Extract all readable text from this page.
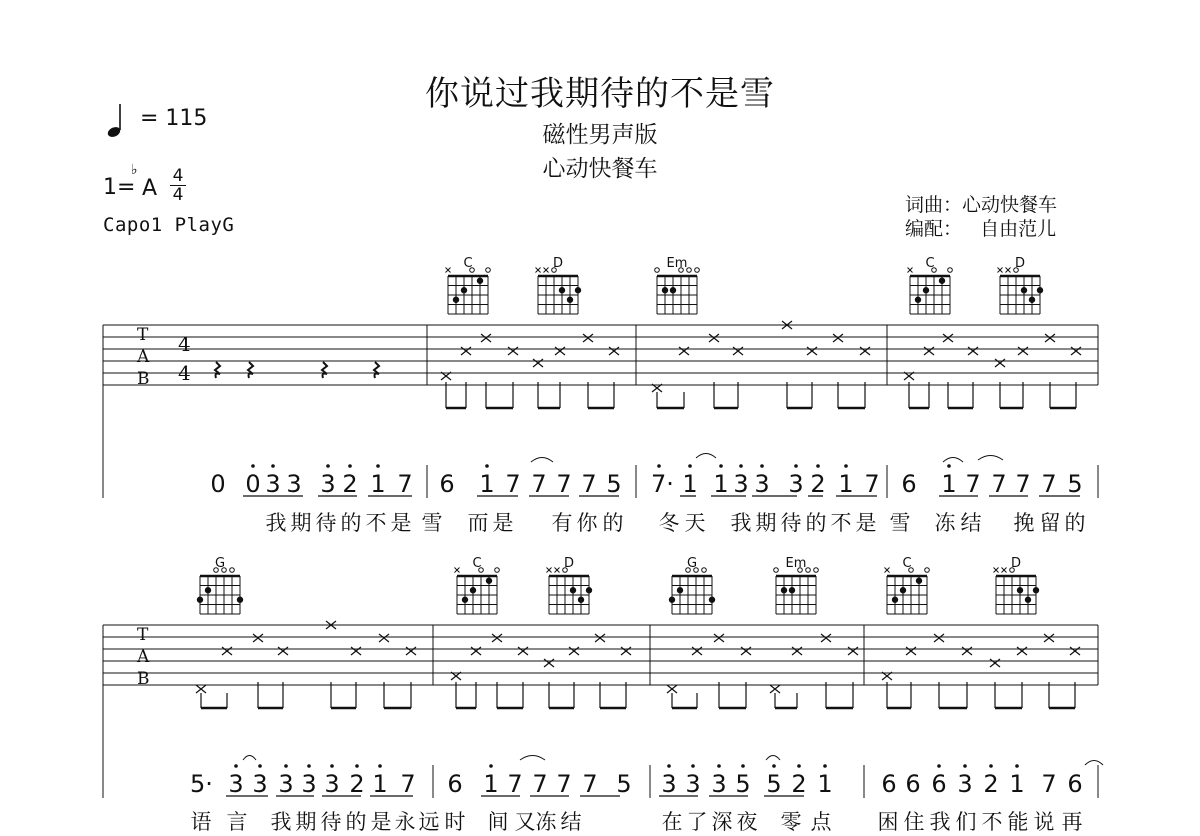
你说过我期待的不是雪
磁性男声版
心动快餐车
= 115
1=
♭
A 4
4
Capo1 PlayG
词曲：心动快餐车
编配：   自由范儿
T
A
B
T
A
B
4
4
C	D	Em	C	D
G	C	D	G	Em	C	D
0 0 3 3 3 2 1 7 6 1 7 7 7 7 5 7· 1 1 3 3 3 2 1 7 6 1 7 7 7 7 5
我 期 待 的 不 是 雪 而 是 有 你 的 冬 天 我 期 待 的 不 是 雪 冻 结 挽 留 的
5· 3 3 3 3 3 2 1 7 6 1 7 7 7 7 5 3 3 3 5 5 2 1 6 6 6 3 2 1 7 6
语 言 我 期 待 的 是 永 远 时 间 又 冻 结	在 了 深 夜 零 点 困 住 我 们 不 能 说 再
